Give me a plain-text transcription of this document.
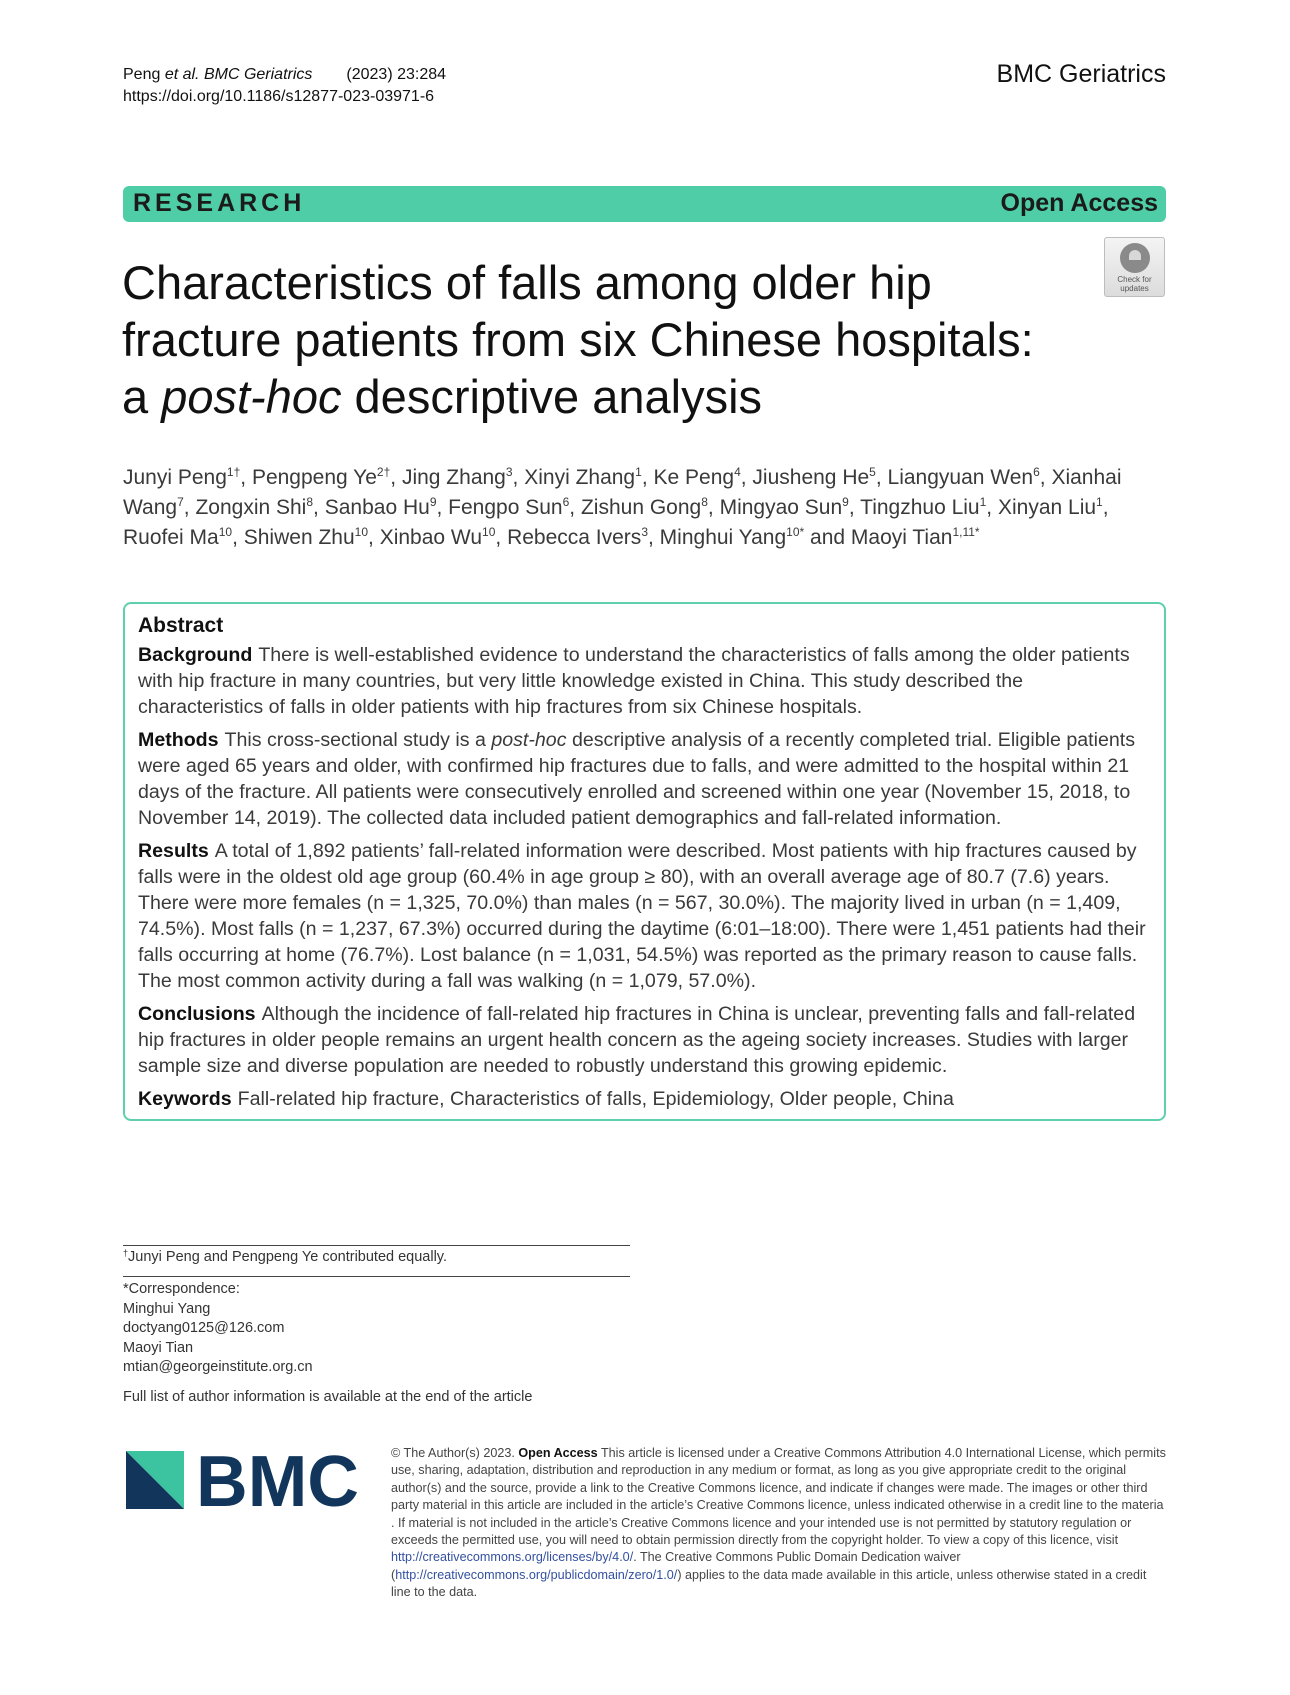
Peng et al. BMC Geriatrics (2023) 23:284
https://doi.org/10.1186/s12877-023-03971-6
BMC Geriatrics
RESEARCH	Open Access
Check for
updates
Characteristics of falls among older hip
fracture patients from six Chinese hospitals:
a post-hoc descriptive analysis
Junyi Peng$^{1\dagger}$, Pengpeng $Ye^{2\dagger}$, Jing Zhang$^3$, Xinyi Zhang$^1$, Ke Peng$^4$, Jiusheng He$^5$, Liangyuan Wen$^6$, Xianhai Wang$^7$, Zongxin Shi$^8$, Sanbao Hu$^9$, Fengpo Sun$^6$, Zishun Gong$^8$, Mingyao Sun$^9$, Tingzhuo Liu$^1$, Xinyan Liu$^1$, Ruofei Ma$^{10}$, Shiwen Zhu$^{10}$, Xinbao Wu$^{10}$, Rebecca Ivers$^3$, Minghui Yang$^{10*}$ and Maoyi Tian$^{1,11*}$
Abstract

Background There is well-established evidence to understand the characteristics of falls among the older patients with hip fracture in many countries, but very little knowledge existed in China. This study described the characteristics of falls in older patients with hip fractures from six Chinese hospitals.

Methods This cross-sectional study is a post-hoc descriptive analysis of a recently completed trial. Eligible patients were aged 65 years and older, with confirmed hip fractures due to falls, and were admitted to the hospital within 21 days of the fracture. All patients were consecutively enrolled and screened within one year (November 15, 2018, to November 14, 2019). The collected data included patient demographics and fall-related information.

Results A total of 1,892 patients’ fall-related information were described. Most patients with hip fractures caused by falls were in the oldest old age group (60.4% in age group ≥ 80), with an overall average age of 80.7 (7.6) years. There were more females (n = 1,325, 70.0%) than males (n = 567, 30.0%). The majority lived in urban (n = 1,409, 74.5%). Most falls (n = 1,237, 67.3%) occurred during the daytime (6:01–18:00). There were 1,451 patients had their falls occurring at home (76.7%). Lost balance (n = 1,031, 54.5%) was reported as the primary reason to cause falls. The most common activity during a fall was walking (n = 1,079, 57.0%).

Conclusions Although the incidence of fall-related hip fractures in China is unclear, preventing falls and fall-related hip fractures in older people remains an urgent health concern as the ageing society increases. Studies with larger sample size and diverse population are needed to robustly understand this growing epidemic.

Keywords Fall-related hip fracture, Characteristics of falls, Epidemiology, Older people, China

†Junyi Peng and Pengpeng Ye contributed equally.
*Correspondence:
Minghui Yang
doctyang0125@126.com
Maoyi Tian
mtian@georgeinstitute.org.cn
Full list of author information is available at the end of the article
BMC	© The Author(s) 2023. Open Access This article is licensed under a Creative Commons Attribution 4.0 International License, which permits use, sharing, adaptation, distribution and reproduction in any medium or format, as long as you give appropriate credit to the original author(s) and the source, provide a link to the Creative Commons licence, and indicate if changes were made. The images or other third party material in this article are included in the article’s Creative Commons licence, unless indicated otherwise in a credit line to the materia . If material is not included in the article’s Creative Commons licence and your intended use is not permitted by statutory regulation or exceeds the permitted use, you will need to obtain permission directly from the copyright holder. To view a copy of this licence, visit http://creativecommons.org/licenses/by/4.0/. The Creative Commons Public Domain Dedication waiver (http://creativecommons.org/publicdomain/zero/1.0/) applies to the data made available in this article, unless otherwise stated in a credit line to the data.
